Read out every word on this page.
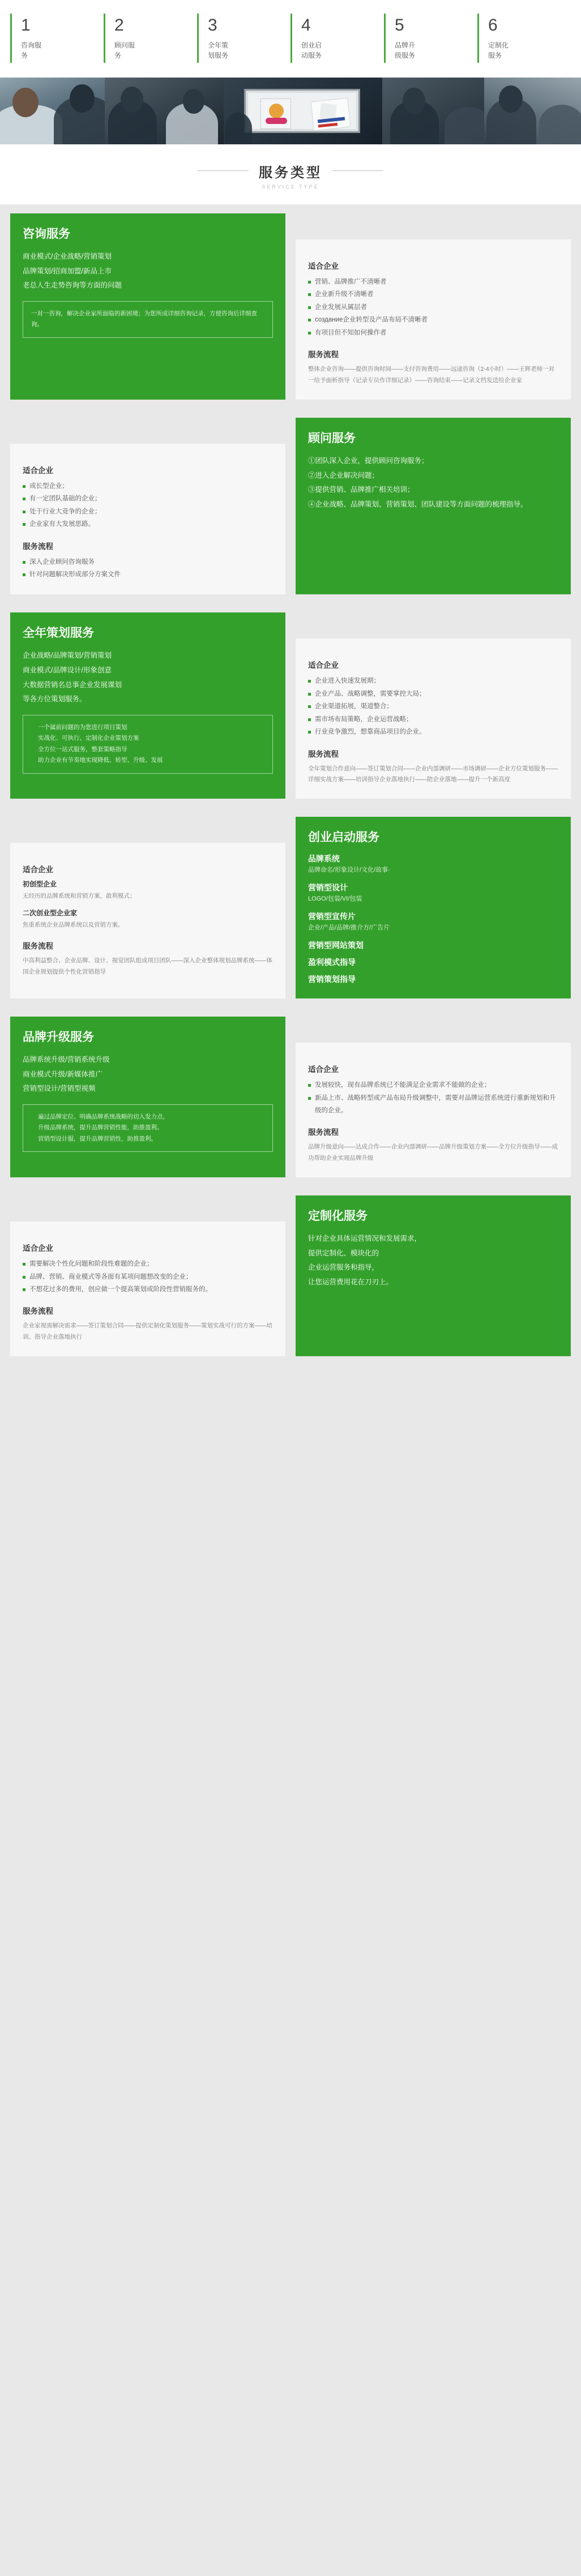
1
咨询服务
2
顾问服务
3
全年策划服务
4
创业启动服务
5
品牌升级服务
6
定制化服务
服务类型
SERVICE TYPE
咨询服务
商业模式/企业战略/营销策划
品牌策划/招商加盟/新品上市
老总人生走势咨询等方面的问题
一对一咨询，解决企业家所面临的新困境；为您所成详细咨询记录，方便咨询后详细查询。
适合企业
营销、品牌推广不清晰者
企业新升级不清晰者
企业发展从属层者
создание企业转型及产品布局不清晰者
有项目但不知如何操作者
服务流程
整体企业咨询——提供咨询时间——支付咨询费用——远途咨询（2-4小时）——王辉老师一对一给予面析指导（记录专员作详细记录）——咨询结束——记录文档发送给企业家
适合企业
成长型企业；
有一定团队基础的企业；
处于行业大竞争的企业；
企业家有大发展思路。
服务流程
深入企业顾问咨询服务
针对问题解决形成部分方案文件
顾问服务
①团队深入企业，提供顾问咨询服务；
②进入企业解决问题；
③提供营销、品牌推广相关培训；
④企业战略、品牌策划、营销策划、团队建设等方面问题的梳理指导。
全年策划服务
企业战略/品牌策划/营销策划
商业模式/品牌设计/形象创意
大数据营销名总事企业发展课划
等各方位策划服务。
一个属前问题的为您进行项目策划
实战化、可执行、定制化企业策划方案
全方位一站式服务，整套策略指导
助力企业有节奏地实现降低、转型、升级、发展
适合企业
企业进入快速发展期；
企业产品、战略调整，需要掌控大局；
企业渠道拓展，渠道整合；
需市场布局策略，企业运营战略；
行业竞争激烈，想靠商品项目的企业。
服务流程
全年策划合作意向——签订策划合同——企业内部调研——市场调研——企业方位策划服务——详细实战方案——培训指导企业落地执行——陪企业落地——提升一个新高度
适合企业
初创型企业
无经历的品牌系统和营销方案，敢利模式；
二次创业型企业家
焦重系统企业品牌系统以及营销方案。
服务流程
中高利益整合、企业品牌、设计、视觉团队组成项目团队——深入企业整体规划品牌系统——体国企业规划提供个性化营销指导
创业启动服务
品牌系统
品牌命名/形象设计/文化/故事·
营销型设计
LOGO/包装/VI/包装
营销型宣传片
企业/产品/品牌/推介方/广告片
营销型网站策划
盈利模式指导
营销策划指导
品牌升级服务
品牌系统升级/营销系统升级
商业模式升级/新媒体推广
营销型设计/营销型视频
遍过品牌定位、明确品牌系统战略的切入发力点，
升级品牌系统，提升品牌营销性能，助推盈利。
营销型设计服，提升品牌营销性，助推盈利。
适合企业
发展较快，现有品牌系统已不能满足企业需求不能做的企业；
新品上市、战略转型或产品布局升级调整中，需要对品牌运营系统进行重新规划和升级的企业。
服务流程
品牌升级意向——达成合作——企业内部调研——品牌升级策划方案——全方位升级指导——成功帮助企业实现品牌升级
适合企业
需要解决个性化问题和阶段性难题的企业；
品牌、营销、商业模式等各面有某项问题想改变的企业；
不想花过多的费用，创应做一个提高策划或阶段性营销服务的。
服务流程
企业家视需解决需求——签订策划合同——提供定制化策划服务——策划实战可行的方案——培训、指导企业落地执行
定制化服务
针对企业具体运营情况和发展需求，
提供定制化、模块化的
企业运营服务和指导，
让您运营费用花在刀刃上。
